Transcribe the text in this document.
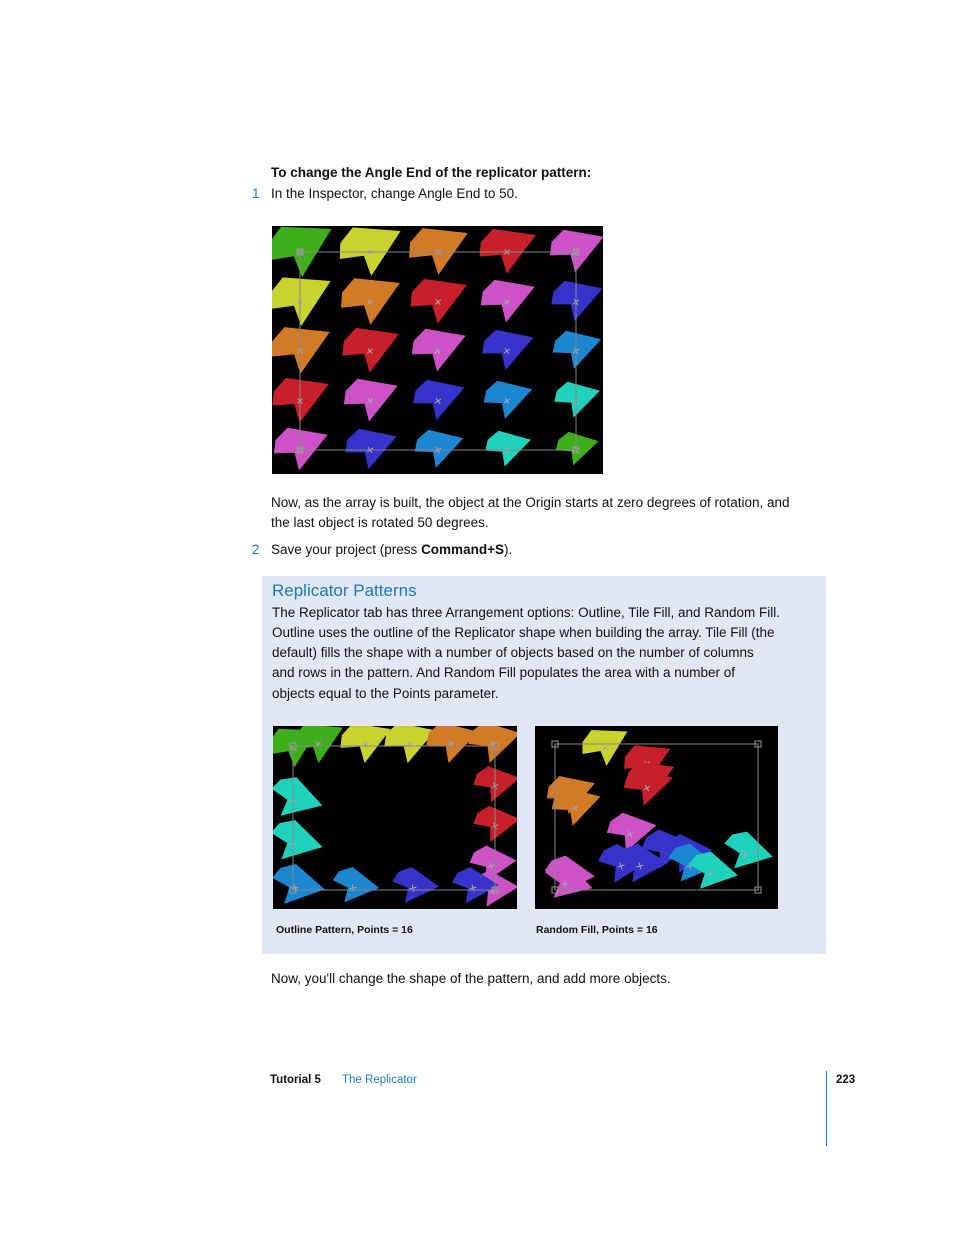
To change the Angle End of the replicator pattern:
1 In the Inspector, change Angle End to 50.
Now, as the array is built, the object at the Origin starts at zero degrees of rotation, and
the last object is rotated 50 degrees.
2 Save your project (press Command+S).
Replicator Patterns
The Replicator tab has three Arrangement options: Outline, Tile Fill, and Random Fill.
Outline uses the outline of the Replicator shape when building the array. Tile Fill (the
default) fills the shape with a number of objects based on the number of columns
and rows in the pattern. And Random Fill populates the area with a number of
objects equal to the Points parameter.
Outline Pattern, Points = 16	Random Fill, Points = 16
Now, you'll change the shape of the pattern, and add more objects.
Tutorial 5 The Replicator	223
